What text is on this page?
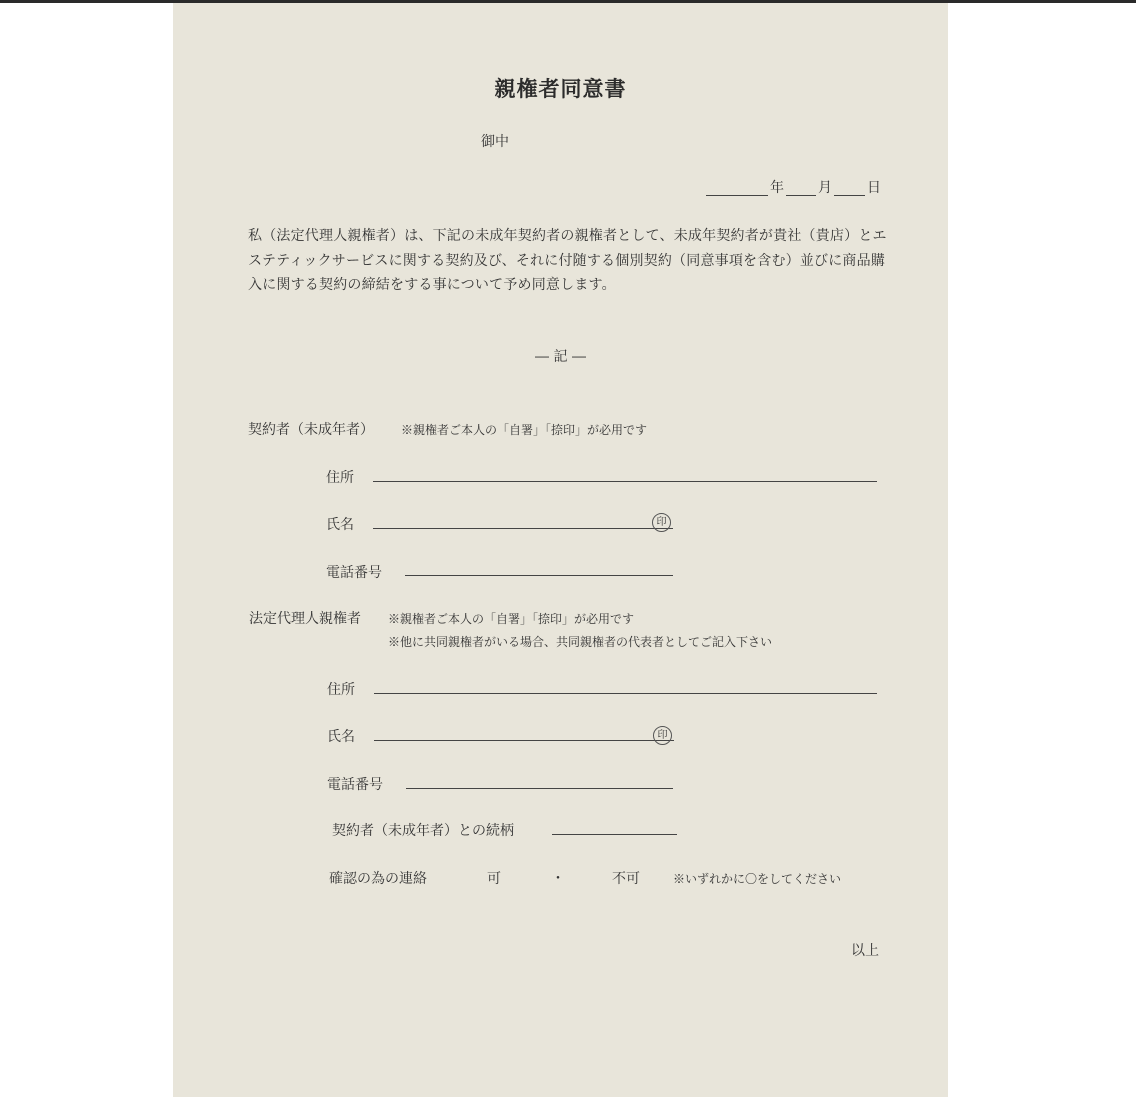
親権者同意書
御中
年 月	日
私（法定代理人親権者）は、下記の未成年契約者の親権者として、未成年契約者が貴社（貴店）とエステティックサービスに関する契約及び、それに付随する個別契約（同意事項を含む）並びに商品購入に関する契約の締結をする事について予め同意します。
― 記 ―
契約者（未成年者） ※親権者ご本人の「自署」「捺印」が必用です
住所
氏名	印
電話番号
法定代理人親権者 ※親権者ご本人の「自署」「捺印」が必用です
※他に共同親権者がいる場合、共同親権者の代表者としてご記入下さい
住所
氏名	印
電話番号
契約者（未成年者）との続柄
確認の為の連絡	可	・	不可	※いずれかに〇をしてください
以上
